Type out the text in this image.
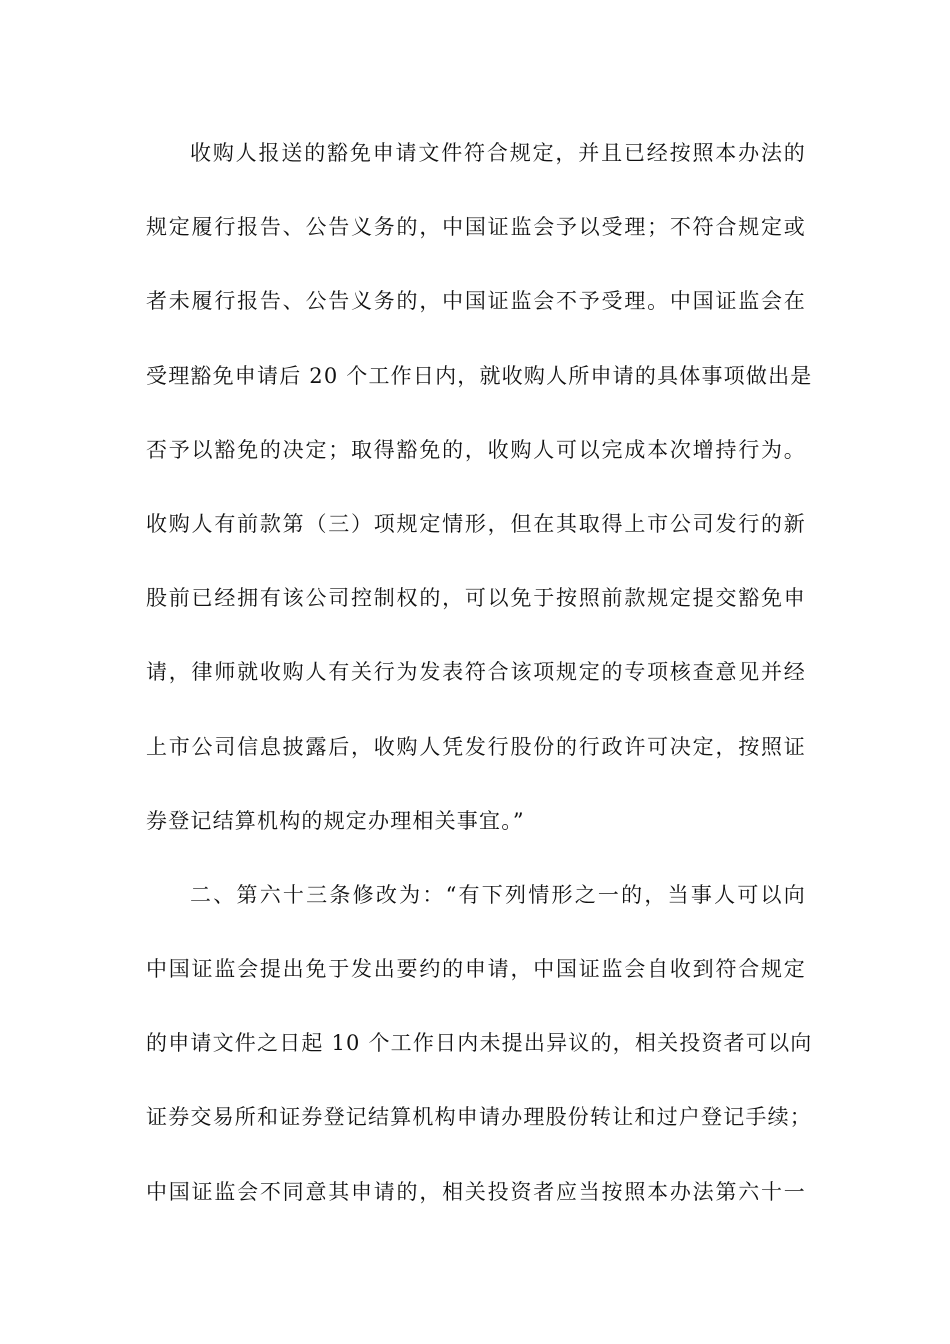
收购人报送的豁免申请文件符合规定，并且已经按照本办法的
规定履行报告、公告义务的，中国证监会予以受理；不符合规定或
者未履行报告、公告义务的，中国证监会不予受理。中国证监会在
受理豁免申请后 20 个工作日内，就收购人所申请的具体事项做出是
否予以豁免的决定；取得豁免的，收购人可以完成本次增持行为。
收购人有前款第（三）项规定情形，但在其取得上市公司发行的新
股前已经拥有该公司控制权的，可以免于按照前款规定提交豁免申
请，律师就收购人有关行为发表符合该项规定的专项核查意见并经
上市公司信息披露后，收购人凭发行股份的行政许可决定，按照证
券登记结算机构的规定办理相关事宜。”
二、第六十三条修改为：“有下列情形之一的，当事人可以向
中国证监会提出免于发出要约的申请，中国证监会自收到符合规定
的申请文件之日起 10 个工作日内未提出异议的，相关投资者可以向
证券交易所和证券登记结算机构申请办理股份转让和过户登记手续；
中国证监会不同意其申请的，相关投资者应当按照本办法第六十一
